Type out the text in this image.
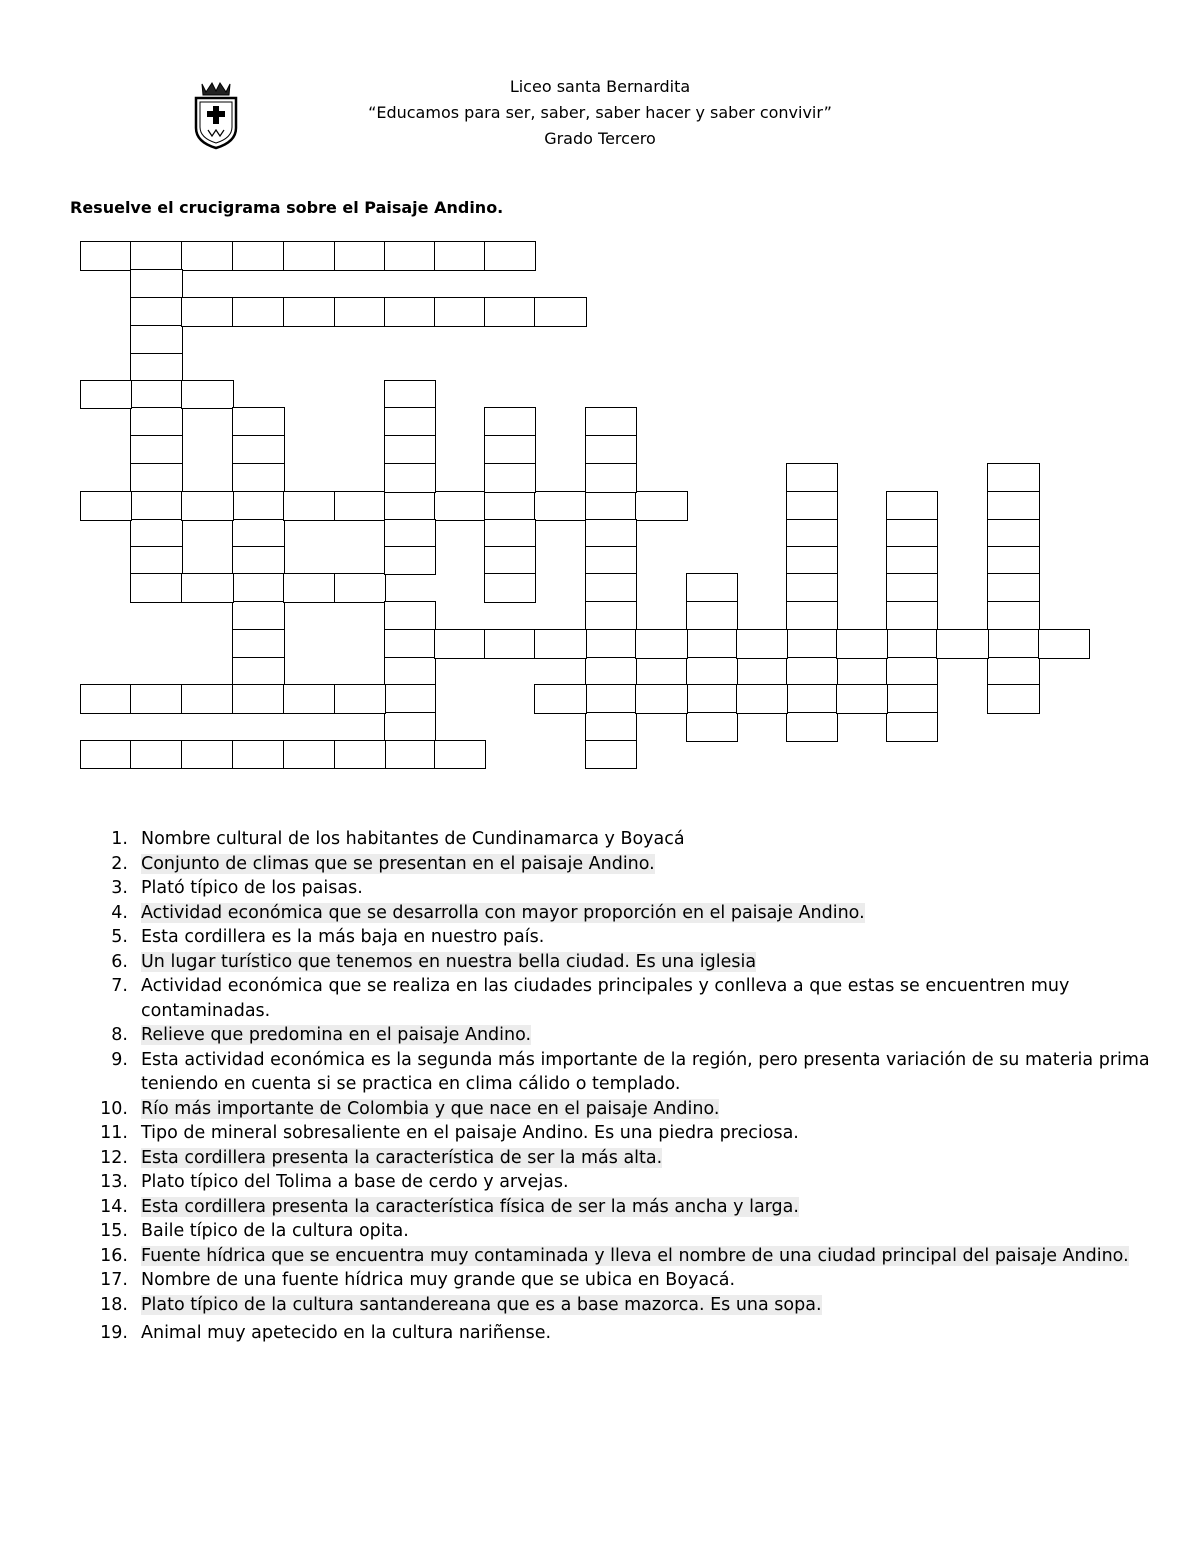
Liceo santa Bernardita
“Educamos para ser, saber, saber hacer y saber convivir”
Grado Tercero
Resuelve el crucigrama sobre el Paisaje Andino.
1. Nombre cultural de los habitantes de Cundinamarca y Boyacá
2. Conjunto de climas que se presentan en el paisaje Andino.
3. Plató típico de los paisas.
4. Actividad económica que se desarrolla con mayor proporción en el paisaje Andino.
5. Esta cordillera es la más baja en nuestro país.
6. Un lugar turístico que tenemos en nuestra bella ciudad. Es una iglesia
7. Actividad económica que se realiza en las ciudades principales y conlleva a que estas se encuentren muy contaminadas.
8. Relieve que predomina en el paisaje Andino.
9. Esta actividad económica es la segunda más importante de la región, pero presenta variación de su materia prima teniendo en cuenta si se practica en clima cálido o templado.
10. Río más importante de Colombia y que nace en el paisaje Andino.
11. Tipo de mineral sobresaliente en el paisaje Andino. Es una piedra preciosa.
12. Esta cordillera presenta la característica de ser la más alta.
13. Plato típico del Tolima a base de cerdo y arvejas.
14. Esta cordillera presenta la característica física de ser la más ancha y larga.
15. Baile típico de la cultura opita.
16. Fuente hídrica que se encuentra muy contaminada y lleva el nombre de una ciudad principal del paisaje Andino.
17. Nombre de una fuente hídrica muy grande que se ubica en Boyacá.
18. Plato típico de la cultura santandereana que es a base mazorca. Es una sopa.
19. Animal muy apetecido en la cultura nariñense.
